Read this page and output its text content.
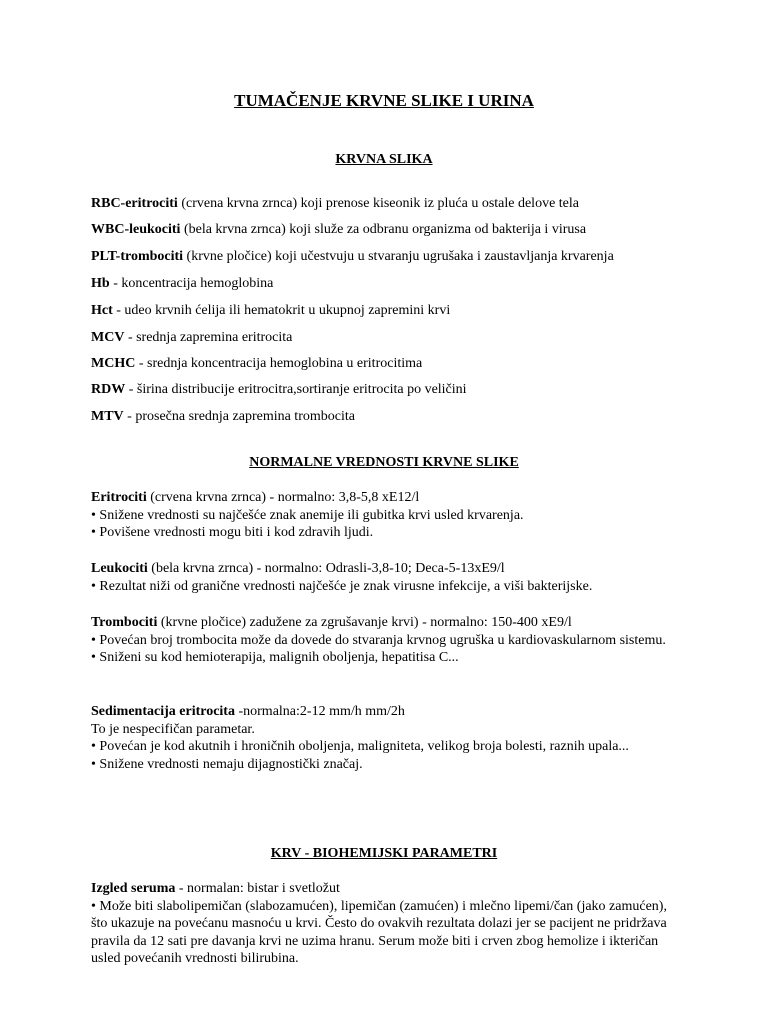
TUMAČENJE KRVNE SLIKE I URINA
KRVNA SLIKA

RBC-eritrociti (crvena krvna zrnca) koji prenose kiseonik iz pluća u ostale delove tela

WBC-leukociti (bela krvna zrnca) koji služe za odbranu organizma od bakterija i virusa

PLT-trombociti (krvne pločice) koji učestvuju u stvaranju ugrušaka i zaustavljanja krvarenja

Hb - koncentracija hemoglobina

Hct - udeo krvnih ćelija ili hematokrit u ukupnoj zapremini krvi

MCV - srednja zapremina eritrocita

MCHC - srednja koncentracija hemoglobina u eritrocitima

RDW - širina distribucije eritrocitra,sortiranje eritrocita po veličini

MTV - prosečna srednja zapremina trombocita

NORMALNE VREDNOSTI KRVNE SLIKE

Eritrociti (crvena krvna zrnca) - normalno: 3,8-5,8 xE12/l

• Snižene vrednosti su najčešće znak anemije ili gubitka krvi usled krvarenja.

• Povišene vrednosti mogu biti i kod zdravih ljudi.

Leukociti (bela krvna zrnca) - normalno: Odrasli-3,8-10; Deca-5-13xE9/l

• Rezultat niži od granične vrednosti najčešće je znak virusne infekcije, a viši bakterijske.

Trombociti (krvne pločice) zadužene za zgrušavanje krvi) - normalno: 150-400 xE9/l

• Povećan broj trombocita može da dovede do stvaranja krvnog ugruška u kardiovaskularnom sistemu.

• Sniženi su kod hemioterapija, malignih oboljenja, hepatitisa C...

Sedimentacija eritrocita -normalna:2-12 mm/h mm/2h

To je nespecifičan parametar.

• Povećan je kod akutnih i hroničnih oboljenja, maligniteta, velikog broja bolesti, raznih upala...

• Snižene vrednosti nemaju dijagnostički značaj.

KRV - BIOHEMIJSKI PARAMETRI

Izgled seruma - normalan: bistar i svetložut

• Može biti slabolipemičan (slabozamućen), lipemičan (zamućen) i mlečno lipemi/čan (jako zamućen), što ukazuje na povećanu masnoću u krvi. Često do ovakvih rezultata dolazi jer se pacijent ne pridržava pravila da 12 sati pre davanja krvi ne uzima hranu. Serum može biti i crven zbog hemolize i ikteričan usled povećanih vrednosti bilirubina.
